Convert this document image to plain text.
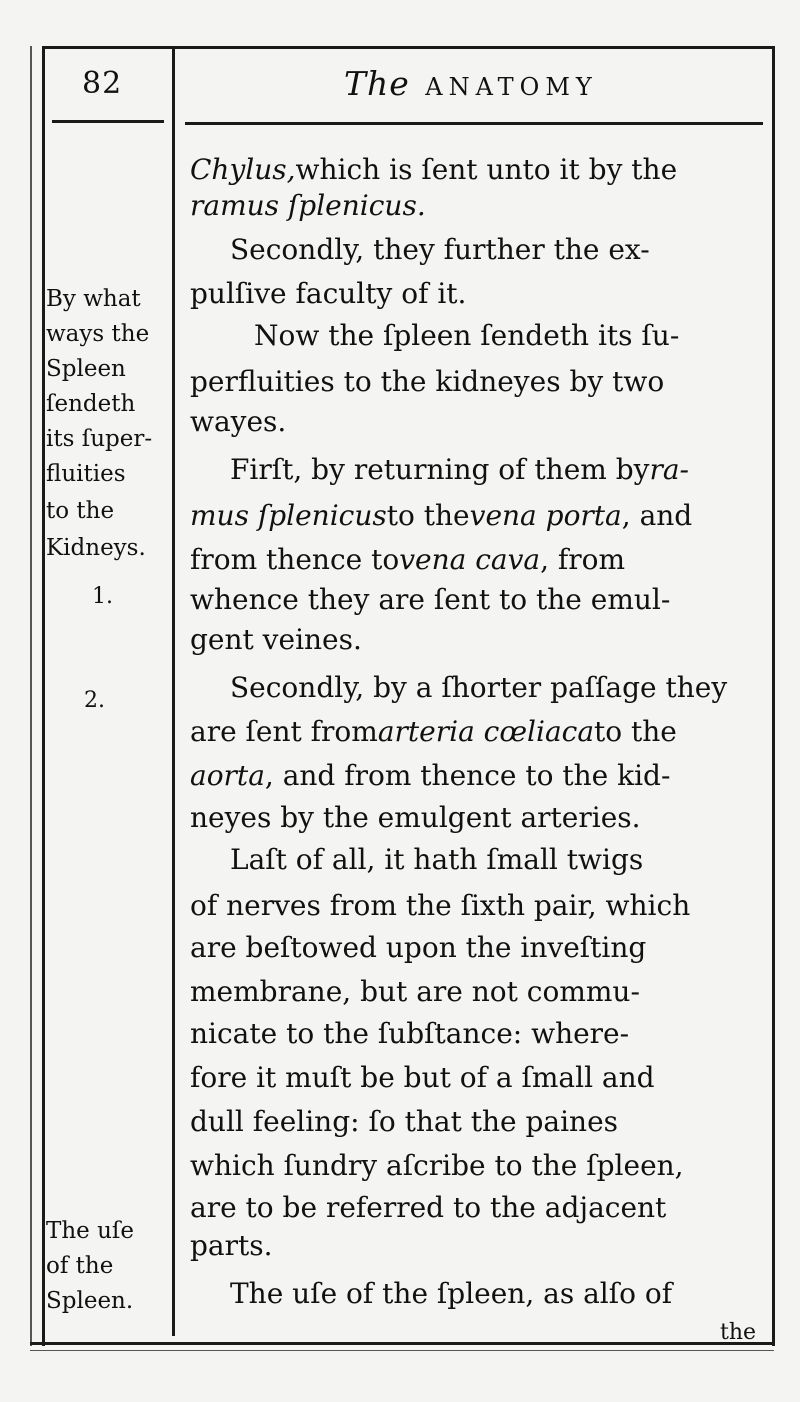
82	The ANATOMY
By what
ways the
Spleen
ſendeth
its ſuper-
fluities
to the
Kidneys.
1.
2.
The uſe
of the
Spleen.
Chylus, which is ſent unto it by the
ramus ſplenicus.
Secondly, they further the ex-
pulſive faculty of it.
Now the ſpleen ſendeth its ſu-
perfluities to the kidneyes by two
wayes.
Firſt, by returning of them by ra-
mus ſplenicus to the vena porta , and
from thence to vena cava , from
whence they are ſent to the emul-
gent veines.
Secondly, by a ſhorter paſſage they
are ſent from arteria cœliaca to the
aorta , and from thence to the kid-
neyes by the emulgent arteries.
Laſt of all, it hath ſmall twigs
of nerves from the ſixth pair, which
are beſtowed upon the inveſting
membrane, but are not commu-
nicate to the ſubſtance: where-
fore it muſt be but of a ſmall and
dull feeling: ſo that the paines
which ſundry aſcribe to the ſpleen,
are to be referred to the adjacent
parts.
The uſe of the ſpleen, as alſo of
the
